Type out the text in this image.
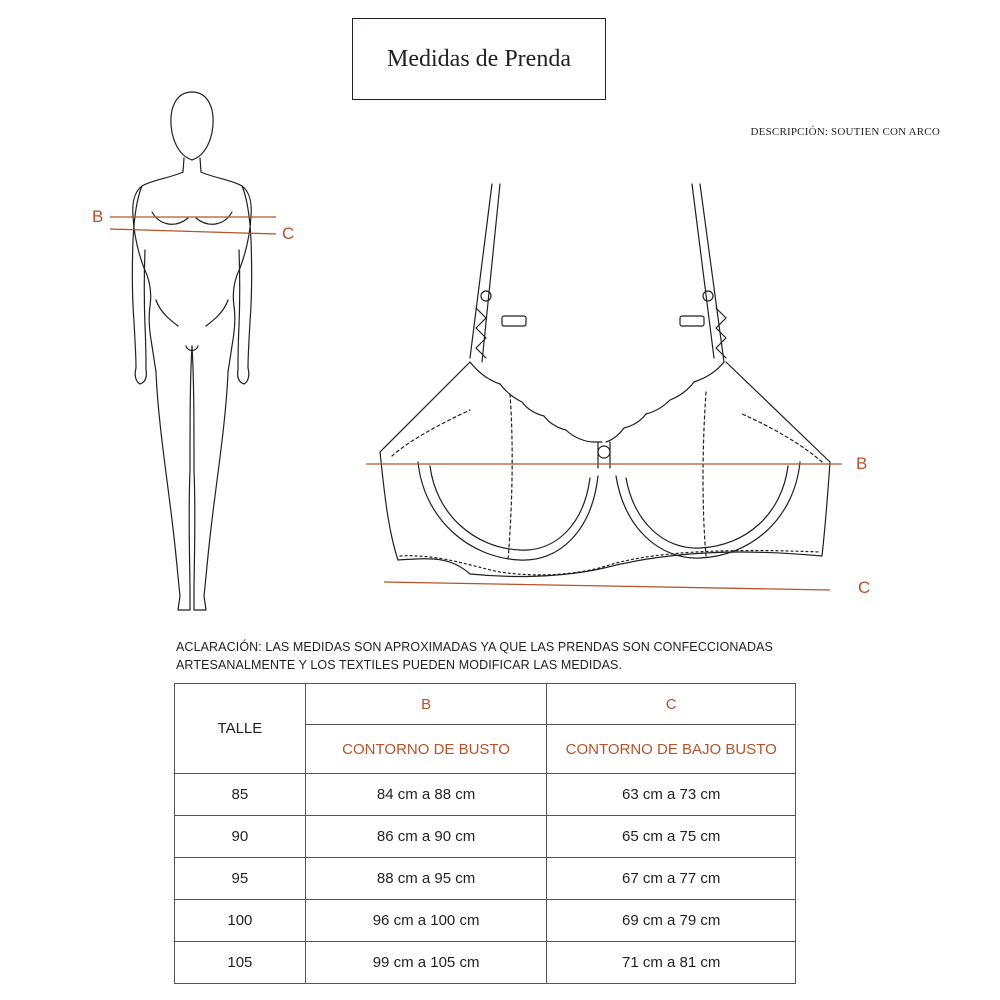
Medidas de Prenda
DESCRIPCIÓN: SOUTIEN CON ARCO
B
C
B
C
ACLARACIÓN: LAS MEDIDAS SON APROXIMADAS YA QUE LAS PRENDAS SON CONFECCIONADAS ARTESANALMENTE Y LOS TEXTILES PUEDEN MODIFICAR LAS MEDIDAS.
TALLE	B	C
	CONTORNO DE BUSTO	CONTORNO DE BAJO BUSTO
85	84 cm a 88 cm	63 cm a 73 cm
90	86 cm a 90 cm	65 cm a 75 cm
95	88 cm a 95 cm	67 cm a 77 cm
100	96 cm a 100 cm	69 cm a 79 cm
105	99 cm a 105 cm	71 cm a 81 cm
